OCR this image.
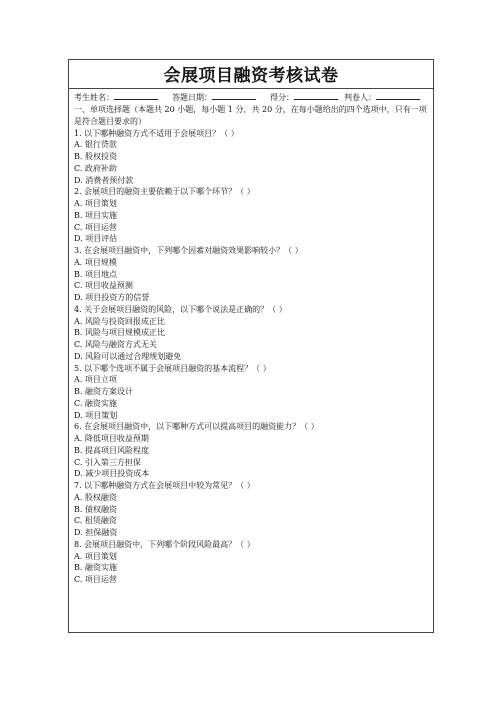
会展项目融资考核试卷
考生姓名：	答题日期：	得分：	判卷人：
一、单项选择题（本题共 20 小题，每小题 1 分，共 20 分，在每小题给出的四个选项中，只有一项是符合题目要求的）
1. 以下哪种融资方式不适用于会展项目？（ ）
A. 银行贷款
B. 股权投资
C. 政府补助
D. 消费者预付款
2. 会展项目的融资主要依赖于以下哪个环节？（ ）
A. 项目策划
B. 项目实施
C. 项目运营
D. 项目评估
3. 在会展项目融资中，下列哪个因素对融资效果影响较小？（ ）
A. 项目规模
B. 项目地点
C. 项目收益预测
D. 项目投资方的信誉
4. 关于会展项目融资的风险，以下哪个说法是正确的？（ ）
A. 风险与投资回报成正比
B. 风险与项目规模成正比
C. 风险与融资方式无关
D. 风险可以通过合理规划避免
5. 以下哪个选项不属于会展项目融资的基本流程？（ ）
A. 项目立项
B. 融资方案设计
C. 融资实施
D. 项目策划
6. 在会展项目融资中，以下哪种方式可以提高项目的融资能力？（ ）
A. 降低项目收益预期
B. 提高项目风险程度
C. 引入第三方担保
D. 减少项目投资成本
7. 以下哪种融资方式在会展项目中较为常见？（ ）
A. 股权融资
B. 债权融资
C. 租赁融资
D. 担保融资
8. 会展项目融资中，下列哪个阶段风险最高？（ ）
A. 项目策划
B. 融资实施
C. 项目运营
